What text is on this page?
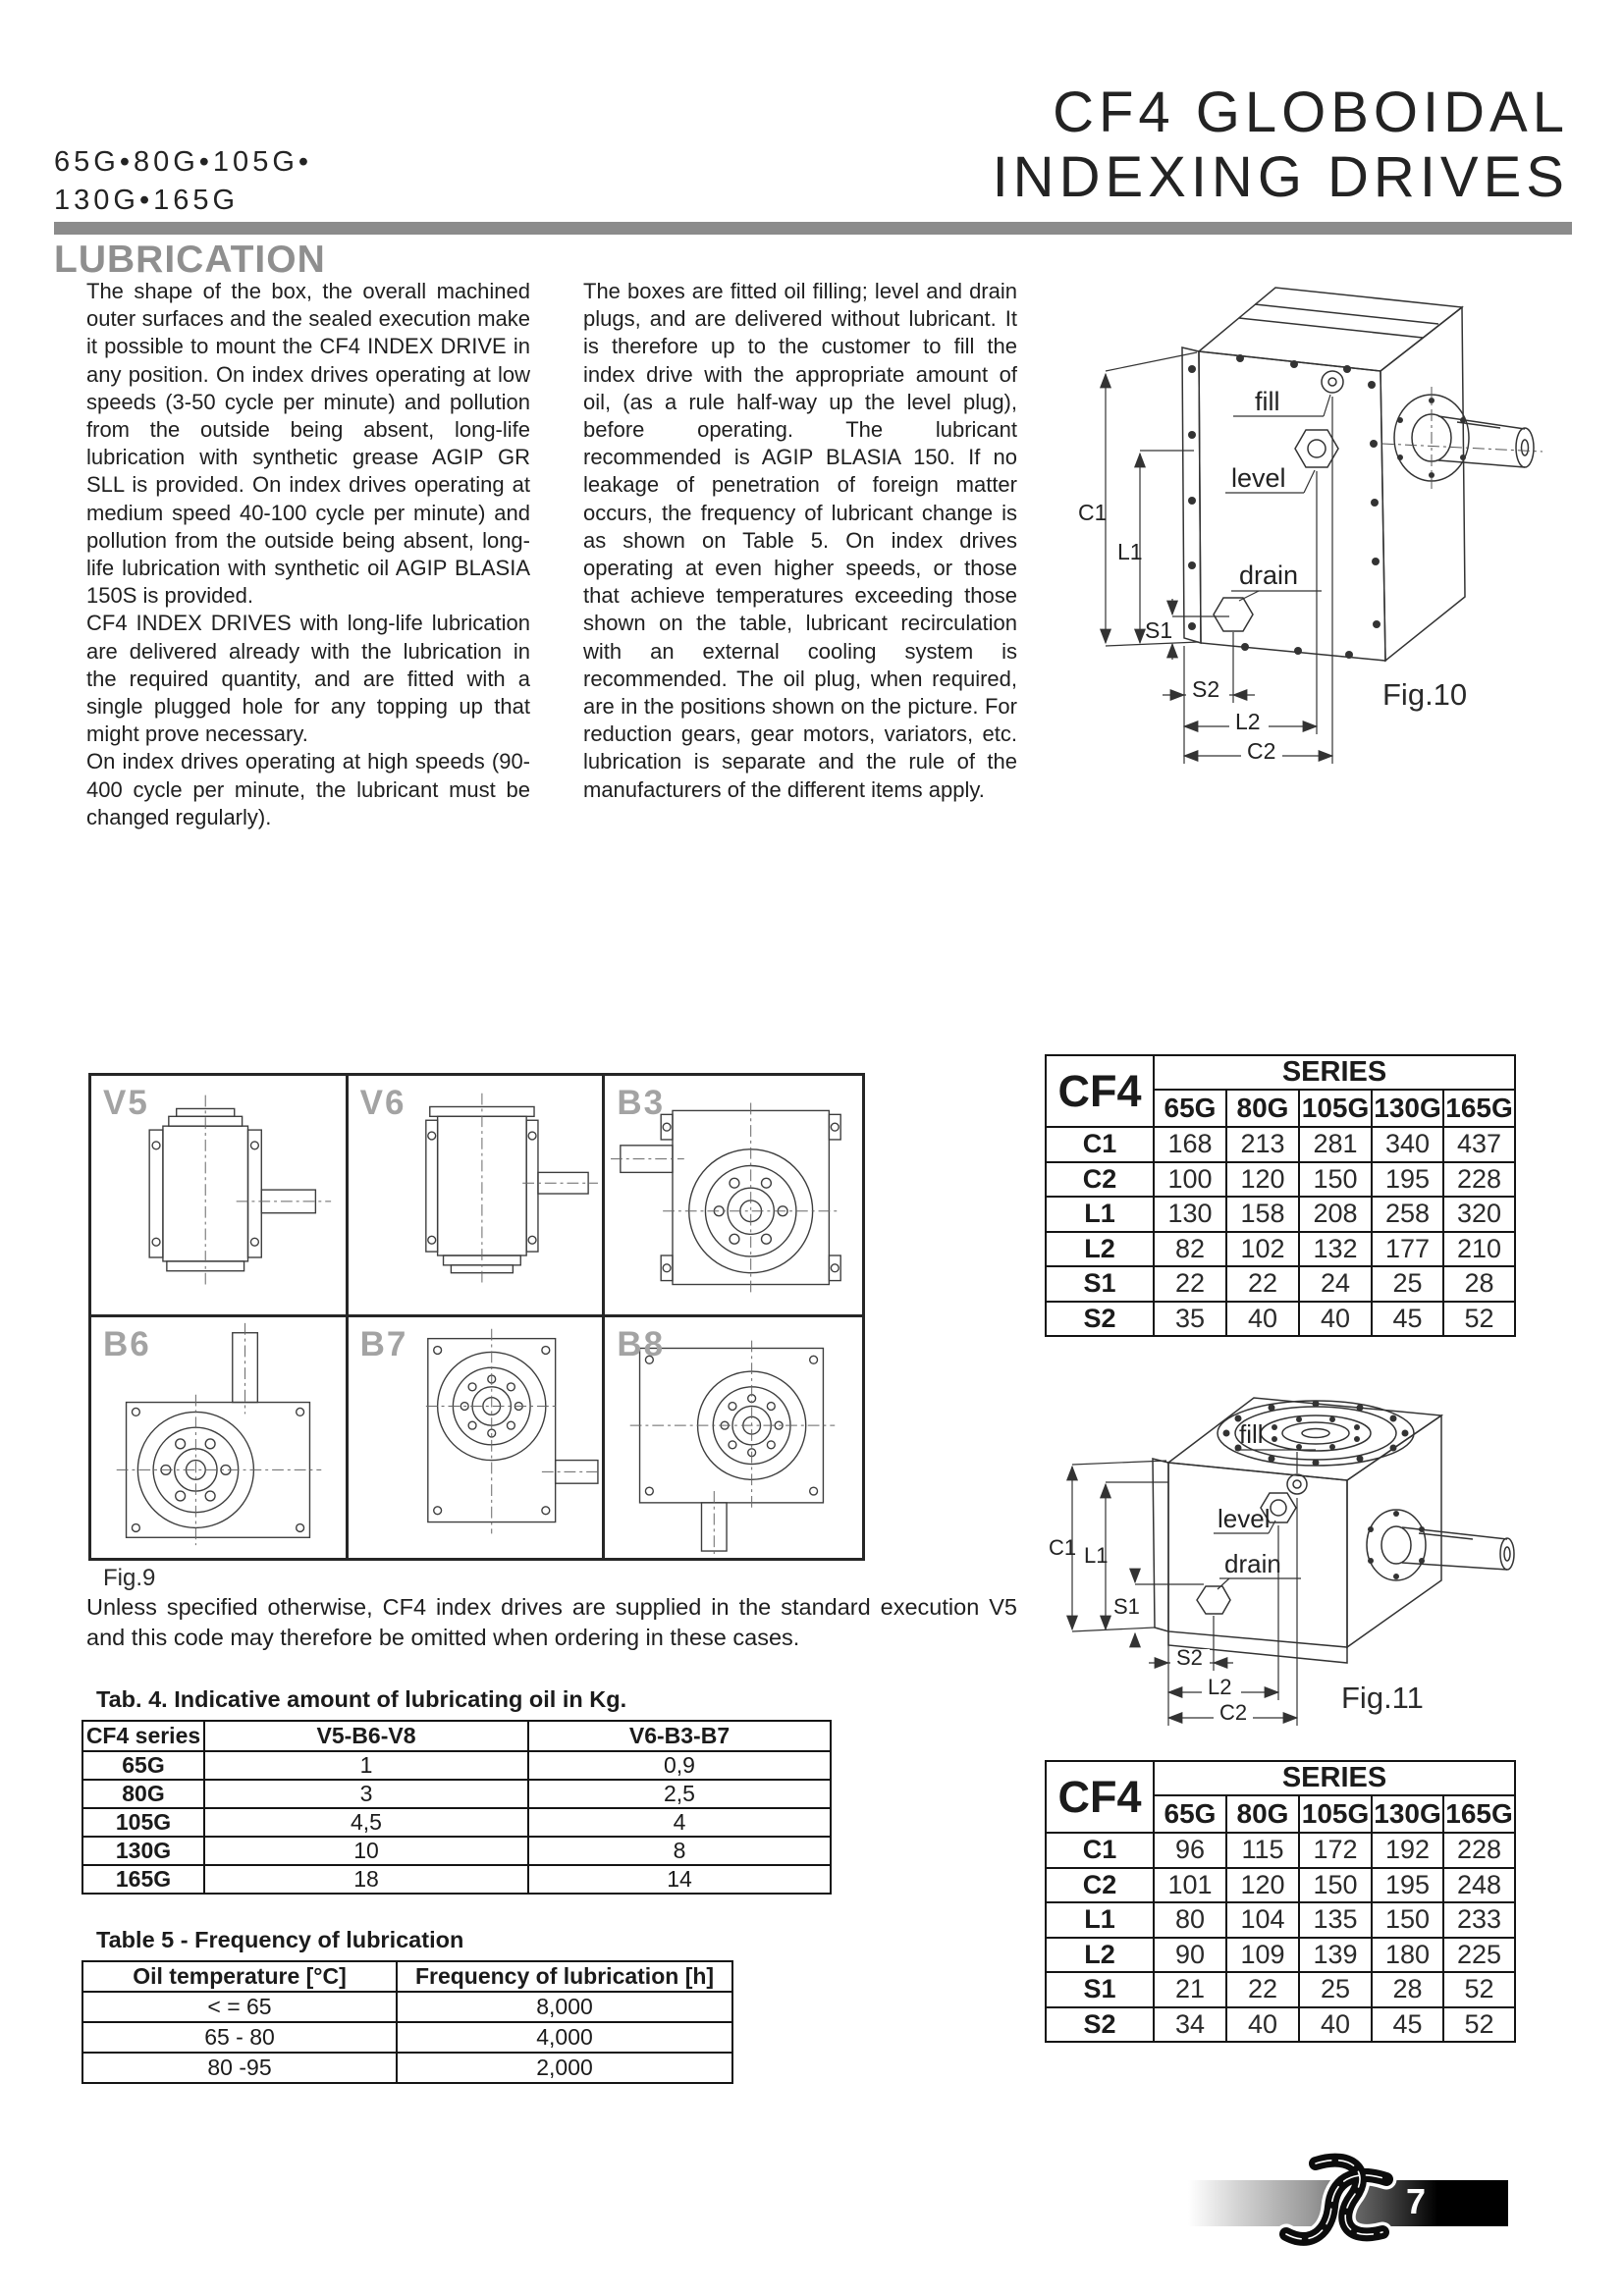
65G•80G•105G•
130G•165G
CF4 GLOBOIDAL
INDEXING DRIVES
LUBRICATION

The shape of the box, the overall machined outer surfaces and the sealed execution make it possible to mount the CF4 INDEX DRIVE in any position. On index drives operating at low speeds (3-50 cycle per minute) and pollution from the outside being absent, long-life lubrication with synthetic grease AGIP GR SLL is provided. On index drives operating at medium speed 40-100 cycle per minute) and pollution from the outside being absent, long-life lubrication with synthetic oil AGIP BLASIA 150S is provided.

CF4 INDEX DRIVES with long-life lubrication are delivered already with the lubrication in the required quantity, and are fitted with a single plugged hole for any topping up that might prove necessary.

On index drives operating at high speeds (90-400 cycle per minute, the lubricant must be changed regularly).

The boxes are fitted oil filling; level and drain plugs, and are delivered without lubricant. It is therefore up to the customer to fill the index drive with the appropriate amount of oil, (as a rule half-way up the level plug), before operating. The lubricant recommended is AGIP BLASIA 150. If no leakage of penetration of foreign matter occurs, the frequency of lubricant change is as shown on Table 5. On index drives operating at even higher speeds, or those that achieve temperatures exceeding those shown on the table, lubricant recirculation with an external cooling system is recommended. The oil plug, when required, are in the positions shown on the picture. For reduction gears, gear motors, variators, etc. lubrication is separate and the rule of the manufacturers of the different items apply.

fill
level
drain
C1
L1
S1
S2
L2
C2
Fig.10
CF4	SERIES				
	65G	80G	105G	130G	165G
C1	168	213	281	340	437
C2	100	120	150	195	228
L1	130	158	208	258	320
L2	82	102	132	177	210
S1	22	22	24	25	28
S2	35	40	40	45	52
V5	V6	B3
B6	B7	B8
Fig.9
Unless specified otherwise, CF4 index drives are supplied in the standard execution V5 and this code may therefore be omitted when ordering in these cases.
Tab. 4. Indicative amount of lubricating oil in Kg.
CF4 series	V5-B6-V8	V6-B3-B7
65G	1	0,9
80G	3	2,5
105G	4,5	4
130G	10	8
165G	18	14
Table 5 - Frequency of lubrication
Oil temperature [°C]	Frequency of lubrication [h]
< = 65	8,000
65 - 80	4,000
80 -95	2,000
fill
level
drain
C1 L1
S1
S2
L2
C2	Fig.11
CF4	SERIES				
	65G	80G	105G	130G	165G
C1	96	115	172	192	228
C2	101	120	150	195	248
L1	80	104	135	150	233
L2	90	109	139	180	225
S1	21	22	25	28	52
S2	34	40	40	45	52
7
